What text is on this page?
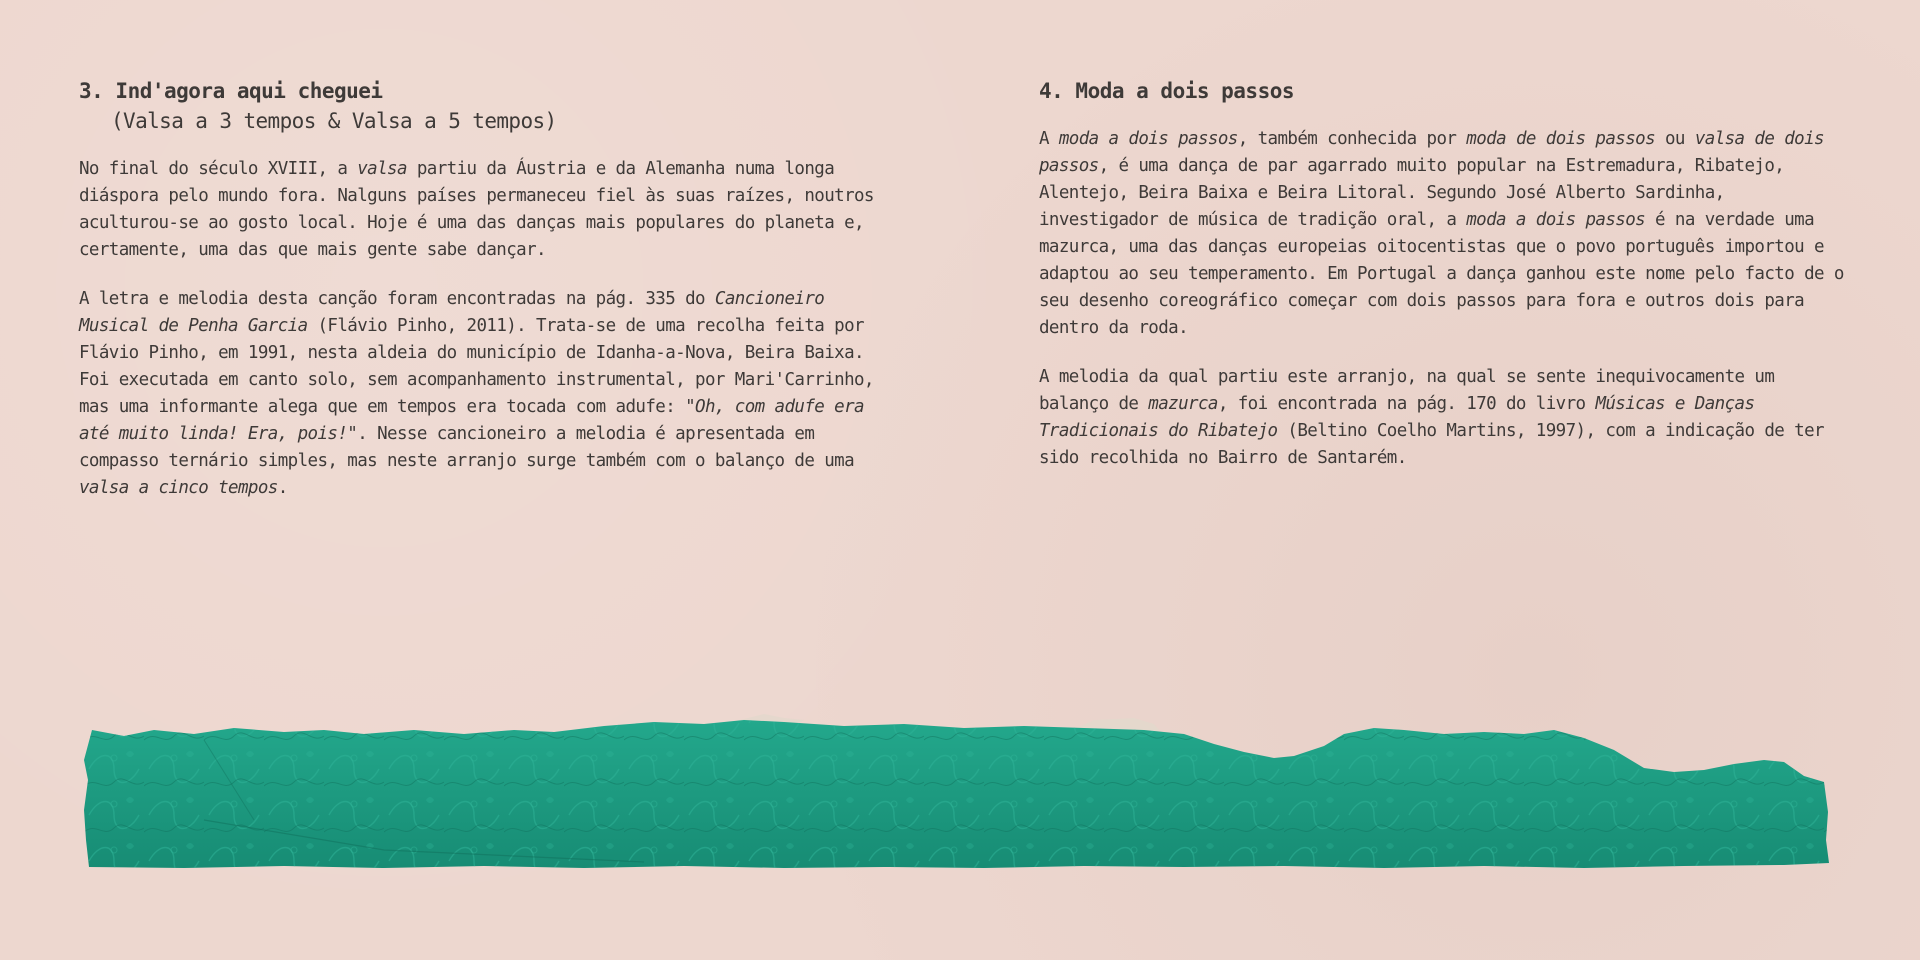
3. Ind'agora aqui cheguei
(Valsa a 3 tempos & Valsa a 5 tempos)

No final do século XVIII, a valsa partiu da Áustria e da Alemanha numa longa diáspora pelo mundo fora. Nalguns países permaneceu fiel às suas raízes, noutros aculturou-se ao gosto local. Hoje é uma das danças mais populares do planeta e, certamente, uma das que mais gente sabe dançar.

A letra e melodia desta canção foram encontradas na pág. 335 do Cancioneiro Musical de Penha Garcia (Flávio Pinho, 2011). Trata-se de uma recolha feita por Flávio Pinho, em 1991, nesta aldeia do município de Idanha-a-Nova, Beira Baixa. Foi executada em canto solo, sem acompanhamento instrumental, por Mari'Carrinho, mas uma informante alega que em tempos era tocada com adufe: "Oh, com adufe era até muito linda! Era, pois!". Nesse cancioneiro a melodia é apresentada em compasso ternário simples, mas neste arranjo surge também com o balanço de uma valsa a cinco tempos.

4. Moda a dois passos

A moda a dois passos, também conhecida por moda de dois passos ou valsa de dois passos, é uma dança de par agarrado muito popular na Estremadura, Ribatejo, Alentejo, Beira Baixa e Beira Litoral. Segundo José Alberto Sardinha, investigador de música de tradição oral, a moda a dois passos é na verdade uma mazurca, uma das danças europeias oitocentistas que o povo português importou e adaptou ao seu temperamento. Em Portugal a dança ganhou este nome pelo facto de o seu desenho coreográfico começar com dois passos para fora e outros dois para dentro da roda.

A melodia da qual partiu este arranjo, na qual se sente inequivocamente um balanço de mazurca, foi encontrada na pág. 170 do livro Músicas e Danças Tradicionais do Ribatejo (Beltino Coelho Martins, 1997), com a indicação de ter sido recolhida no Bairro de Santarém.
